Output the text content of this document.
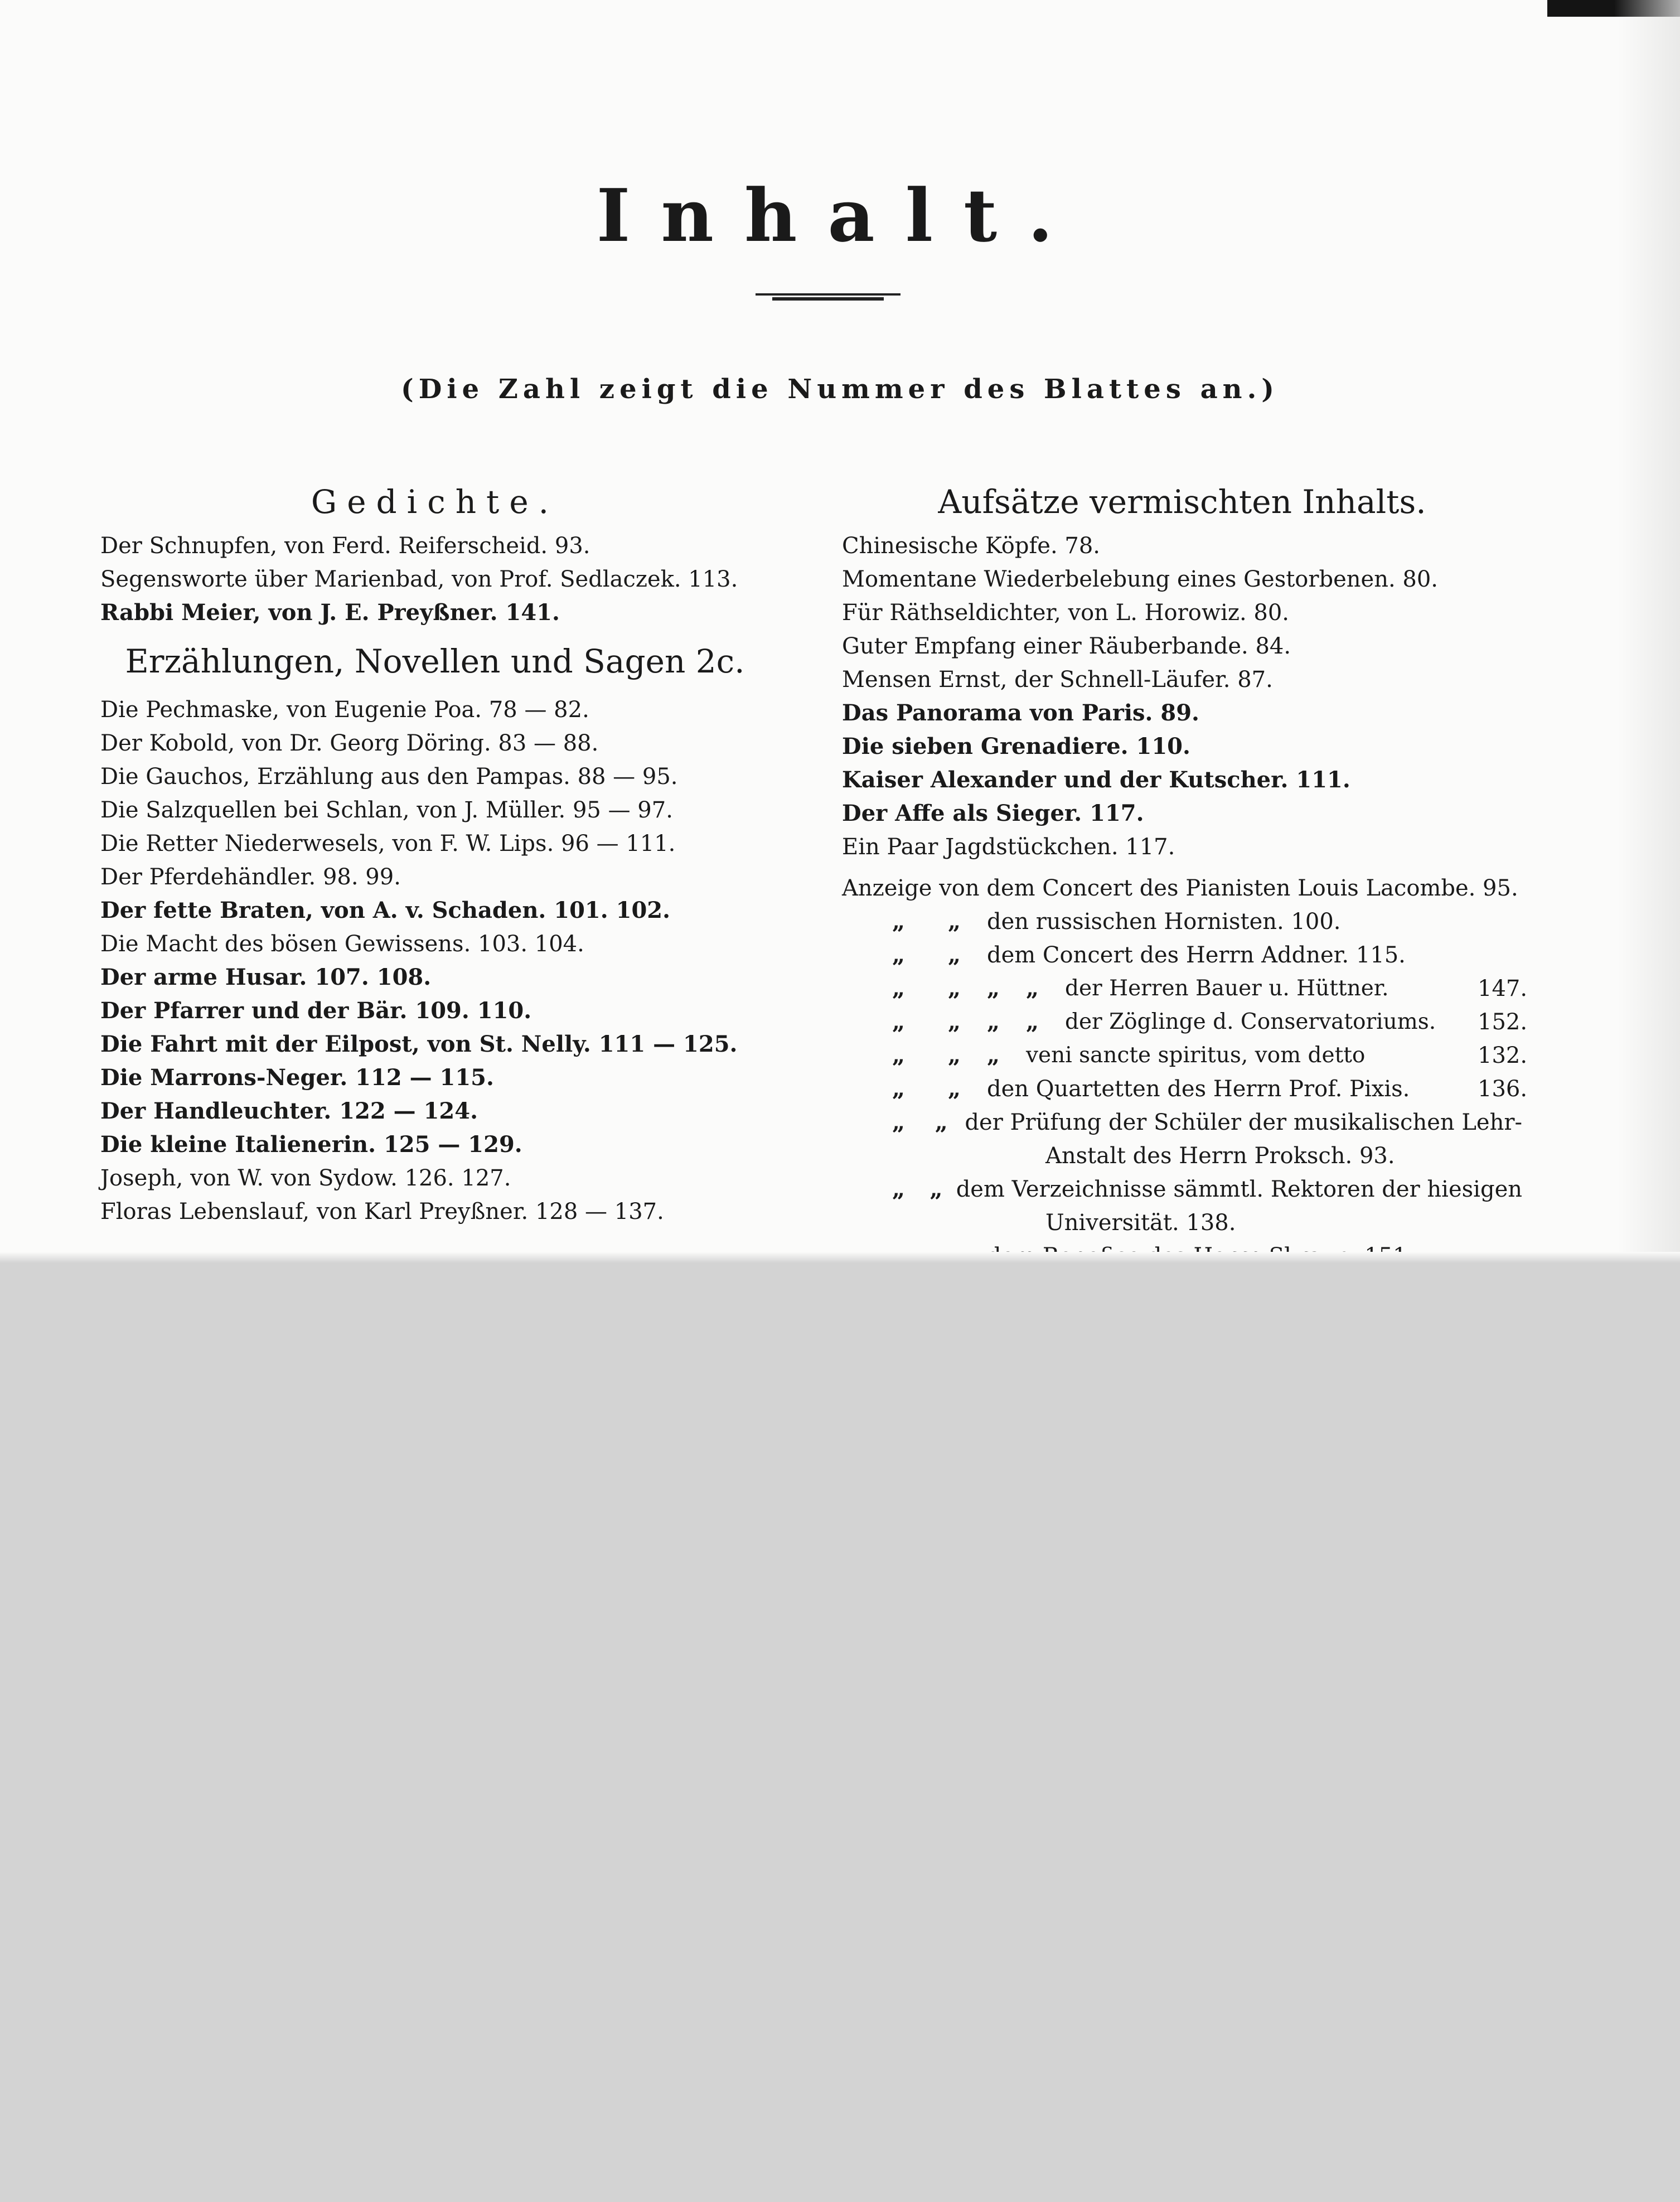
Inhalt.
(Die Zahl zeigt die Nummer des Blattes an.)
Gedichte.
Der Schnupfen, von Ferd. Reiferscheid. 93.
Segensworte über Marienbad, von Prof. Sedlaczek. 113.
Rabbi Meier, von J. E. Preyßner. 141.
Erzählungen, Novellen und Sagen 2c.
Die Pechmaske, von Eugenie Poa. 78 — 82.
Der Kobold, von Dr. Georg Döring. 83 — 88.
Die Gauchos, Erzählung aus den Pampas. 88 — 95.
Die Salzquellen bei Schlan, von J. Müller. 95 — 97.
Die Retter Niederwesels, von F. W. Lips. 96 — 111.
Der Pferdehändler. 98. 99.
Der fette Braten, von A. v. Schaden. 101. 102.
Die Macht des bösen Gewissens. 103. 104.
Der arme Husar. 107. 108.
Der Pfarrer und der Bär. 109. 110.
Die Fahrt mit der Eilpost, von St. Nelly. 111 — 125.
Die Marrons-Neger. 112 — 115.
Der Handleuchter. 122 — 124.
Die kleine Italienerin. 125 — 129.
Joseph, von W. von Sydow. 126. 127.
Floras Lebenslauf, von Karl Preyßner. 128 — 137.
Aufsätze vermischten Inhalts.
Chinesische Köpfe. 78.
Momentane Wiederbelebung eines Gestorbenen. 80.
Für Räthseldichter, von L. Horowiz. 80.
Guter Empfang einer Räuberbande. 84.
Mensen Ernst, der Schnell-Läufer. 87.
Das Panorama von Paris. 89.
Die sieben Grenadiere. 110.
Kaiser Alexander und der Kutscher. 111.
Der Affe als Sieger. 117.
Ein Paar Jagdstückchen. 117.
Anzeige von dem Concert des Pianisten Louis Lacombe. 95.
„	„	den russischen Hornisten. 100.
„	„	dem Concert des Herrn Addner. 115.
„	„	„	„	der Herren Bauer u. Hüttner.	147.
„	„	„	„	der Zöglinge d. Conservatoriums.	152.
„	„	„	veni sancte spiritus, vom detto	132.
„	„	den Quartetten des Herrn Prof. Pixis.	136.
„	„ der Prüfung der Schüler der musikalischen Lehr-
Anstalt des Herrn Proksch. 93.
„	„ dem Verzeichnisse sämmtl. Rektoren der hiesigen
Universität. 138.
